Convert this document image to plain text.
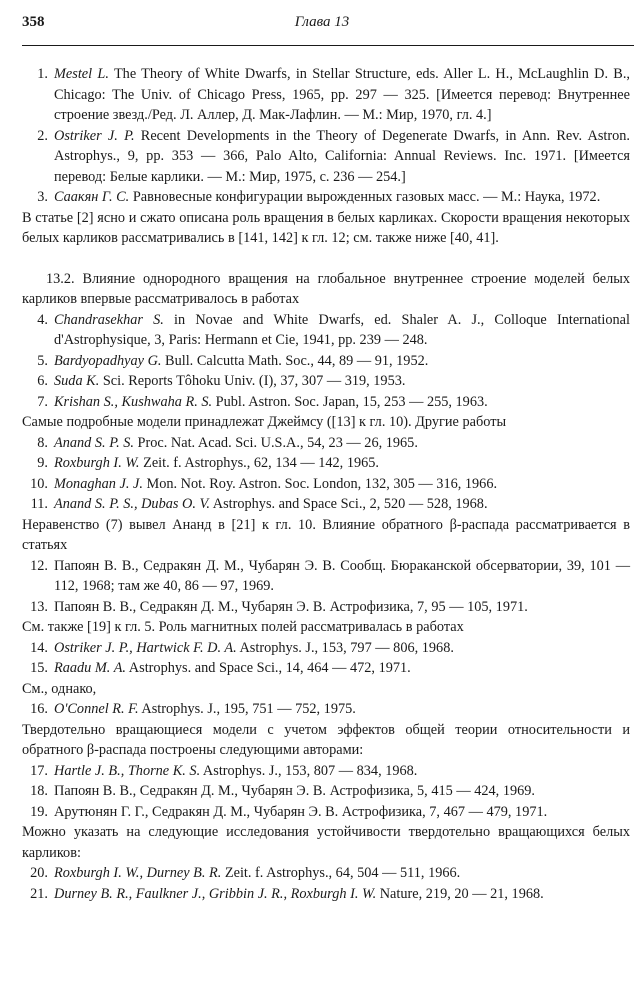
358	Глава 13
1. Mestel L. The Theory of White Dwarfs, in Stellar Structure, eds. Aller L. H., McLaughlin D. B., Chicago: The Univ. of Chicago Press, 1965, pp. 297 — 325. [Имеется перевод: Внутреннее строение звезд./Ред. Л. Аллер, Д. Мак-Лафлин. — М.: Мир, 1970, гл. 4.]
2. Ostriker J. P. Recent Developments in the Theory of Degenerate Dwarfs, in Ann. Rev. Astron. Astrophys., 9, pp. 353 — 366, Palo Alto, California: Annual Reviews. Inc. 1971. [Имеется перевод: Белые карлики. — М.: Мир, 1975, с. 236 — 254.]
3. Саакян Г. С. Равновесные конфигурации вырожденных газовых масс. — М.: Наука, 1972.
В статье [2] ясно и сжато описана роль вращения в белых карликах. Скорости вращения некоторых белых карликов рассматривались в [141, 142] к гл. 12; см. также ниже [40, 41].
13.2. Влияние однородного вращения на глобальное внутреннее строение моделей белых карликов впервые рассматривалось в работах
4. Chandrasekhar S. in Novae and White Dwarfs, ed. Shaler A. J., Colloque International d'Astrophysique, 3, Paris: Hermann et Cie, 1941, pp. 239 — 248.
5. Bardyopadhyay G. Bull. Calcutta Math. Soc., 44, 89 — 91, 1952.
6. Suda K. Sci. Reports Tôhoku Univ. (I), 37, 307 — 319, 1953.
7. Krishan S., Kushwaha R. S. Publ. Astron. Soc. Japan, 15, 253 — 255, 1963.
Самые подробные модели принадлежат Джеймсу ([13] к гл. 10). Другие работы
8. Anand S. P. S. Proc. Nat. Acad. Sci. U.S.A., 54, 23 — 26, 1965.
9. Roxburgh I. W. Zeit. f. Astrophys., 62, 134 — 142, 1965.
10. Monaghan J. J. Mon. Not. Roy. Astron. Soc. London, 132, 305 — 316, 1966.
11. Anand S. P. S., Dubas O. V. Astrophys. and Space Sci., 2, 520 — 528, 1968.
Неравенство (7) вывел Ананд в [21] к гл. 10. Влияние обратного β-распада рассматривается в статьях
12. Папоян В. В., Седракян Д. М., Чубарян Э. В. Сообщ. Бюраканской обсерватории, 39, 101 — 112, 1968; там же 40, 86 — 97, 1969.
13. Папоян В. В., Седракян Д. М., Чубарян Э. В. Астрофизика, 7, 95 — 105, 1971.
См. также [19] к гл. 5. Роль магнитных полей рассматривалась в работах
14. Ostriker J. P., Hartwick F. D. A. Astrophys. J., 153, 797 — 806, 1968.
15. Raadu M. A. Astrophys. and Space Sci., 14, 464 — 472, 1971.
См., однако,
16. O'Connel R. F. Astrophys. J., 195, 751 — 752, 1975.
Твердотельно вращающиеся модели с учетом эффектов общей теории относительности и обратного β-распада построены следующими авторами:
17. Hartle J. B., Thorne K. S. Astrophys. J., 153, 807 — 834, 1968.
18. Папоян В. В., Седракян Д. М., Чубарян Э. В. Астрофизика, 5, 415 — 424, 1969.
19. Арутюнян Г. Г., Седракян Д. М., Чубарян Э. В. Астрофизика, 7, 467 — 479, 1971.
Можно указать на следующие исследования устойчивости твердотельно вращающихся белых карликов:
20. Roxburgh I. W., Durney B. R. Zeit. f. Astrophys., 64, 504 — 511, 1966.
21. Durney B. R., Faulkner J., Gribbin J. R., Roxburgh I. W. Nature, 219, 20 — 21, 1968.
